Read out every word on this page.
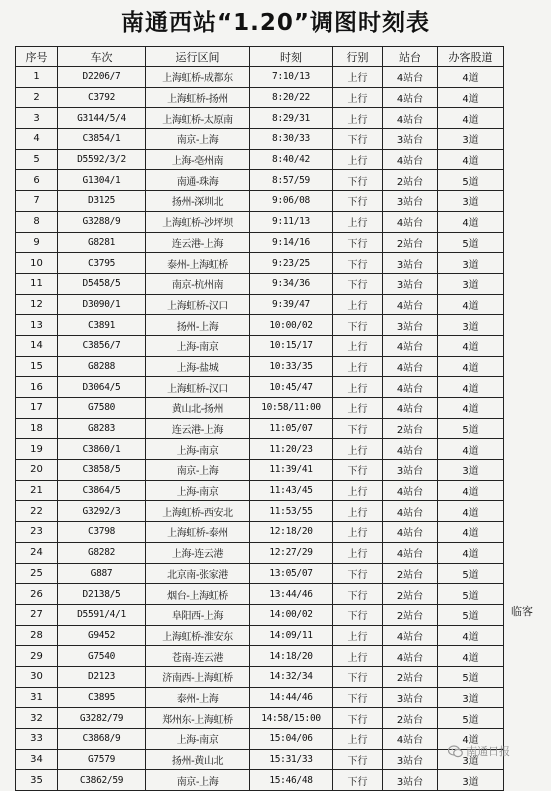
南通西站“1.20”调图时刻表
序号	车次	运行区间	时刻	行别	站台	办客股道
1	D2206/7	上海虹桥-成都东	7:10/13	上行	4站台	4道
2	C3792	上海虹桥-扬州	8:20/22	上行	4站台	4道
3	G3144/5/4	上海虹桥-太原南	8:29/31	上行	4站台	4道
4	C3854/1	南京-上海	8:30/33	下行	3站台	3道
5	D5592/3/2	上海-亳州南	8:40/42	上行	4站台	4道
6	G1304/1	南通-珠海	8:57/59	下行	2站台	5道
7	D3125	扬州-深圳北	9:06/08	下行	3站台	3道
8	G3288/9	上海虹桥-沙坪坝	9:11/13	上行	4站台	4道
9	G8281	连云港-上海	9:14/16	下行	2站台	5道
10	C3795	泰州-上海虹桥	9:23/25	下行	3站台	3道
11	D5458/5	南京-杭州南	9:34/36	下行	3站台	3道
12	D3090/1	上海虹桥-汉口	9:39/47	上行	4站台	4道
13	C3891	扬州-上海	10:00/02	下行	3站台	3道
14	C3856/7	上海-南京	10:15/17	上行	4站台	4道
15	G8288	上海-盐城	10:33/35	上行	4站台	4道
16	D3064/5	上海虹桥-汉口	10:45/47	上行	4站台	4道
17	G7580	黄山北-扬州	10:58/11:00	上行	4站台	4道
18	G8283	连云港-上海	11:05/07	下行	2站台	5道
19	C3860/1	上海-南京	11:20/23	上行	4站台	4道
20	C3858/5	南京-上海	11:39/41	下行	3站台	3道
21	C3864/5	上海-南京	11:43/45	上行	4站台	4道
22	G3292/3	上海虹桥-西安北	11:53/55	上行	4站台	4道
23	C3798	上海虹桥-泰州	12:18/20	上行	4站台	4道
24	G8282	上海-连云港	12:27/29	上行	4站台	4道
25	G887	北京南-张家港	13:05/07	下行	2站台	5道
26	D2138/5	烟台-上海虹桥	13:44/46	下行	2站台	5道
27	D5591/4/1	阜阳西-上海	14:00/02	下行	2站台	5道
28	G9452	上海虹桥-淮安东	14:09/11	上行	4站台	4道
29	G7540	苍南-连云港	14:18/20	上行	4站台	4道
30	D2123	济南西-上海虹桥	14:32/34	下行	2站台	5道
31	C3895	泰州-上海	14:44/46	下行	3站台	3道
32	G3282/79	郑州东-上海虹桥	14:58/15:00	下行	2站台	5道
33	C3868/9	上海-南京	15:04/06	上行	4站台	4道
34	G7579	扬州-黄山北	15:31/33	下行	3站台	3道
35	C3862/59	南京-上海	15:46/48	下行	3站台	3道
临客
南通日报
